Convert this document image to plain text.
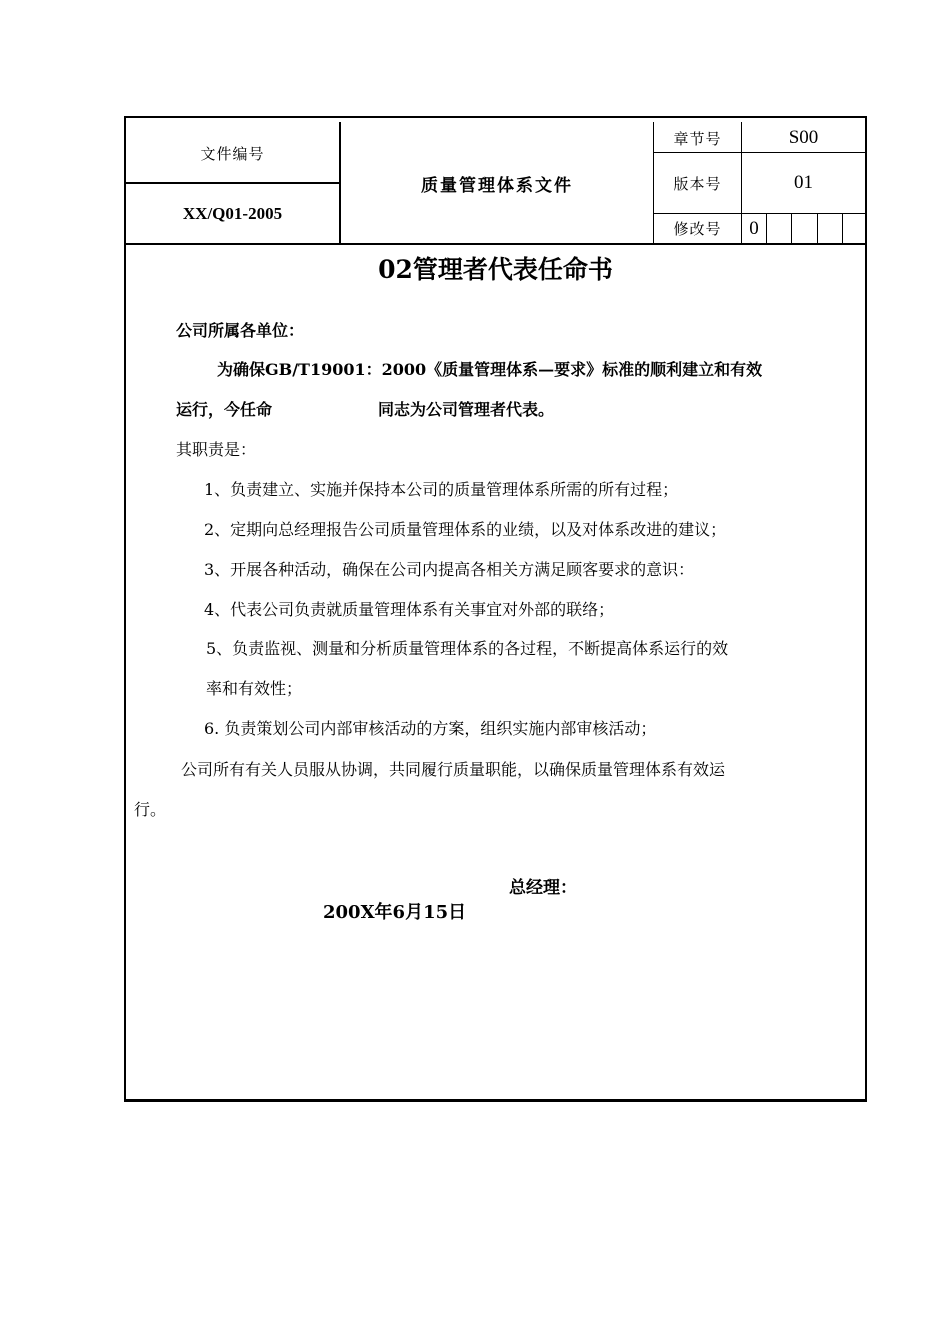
文件编号
XX/Q01-2005
质量管理体系文件
章节号	S00
版本号	01
修改号	0
02管理者代表任命书
公司所属各单位：
为确保GB/T19001：2000《质量管理体系—要求》标准的顺利建立和有效
运行，今任命	同志为公司管理者代表。
其职责是：
1、负责建立、实施并保持本公司的质量管理体系所需的所有过程；
2、定期向总经理报告公司质量管理体系的业绩，以及对体系改进的建议；
3、开展各种活动，确保在公司内提高各相关方满足顾客要求的意识：
4、代表公司负责就质量管理体系有关事宜对外部的联络；
5、负责监视、测量和分析质量管理体系的各过程，不断提高体系运行的效
率和有效性；
6. 负责策划公司内部审核活动的方案，组织实施内部审核活动；
公司所有有关人员服从协调，共同履行质量职能，以确保质量管理体系有效运
行。
总经理：
200X年6月15日
